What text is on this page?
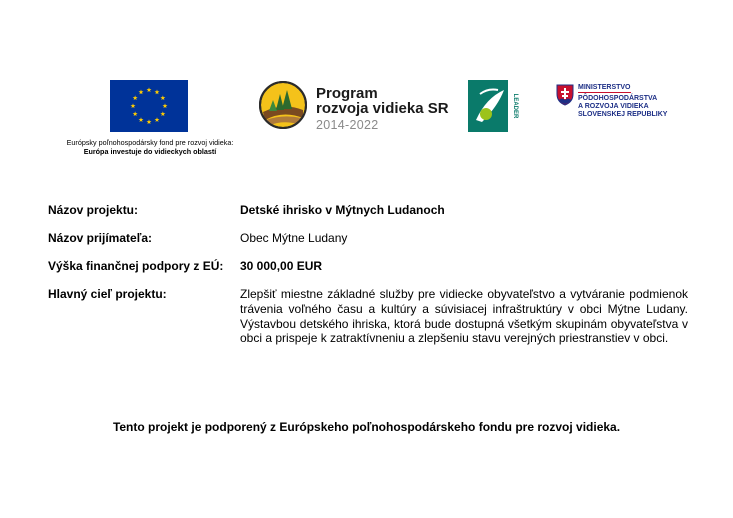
Európsky poľnohospodársky fond pre rozvoj vidieka:
Európa investuje do vidieckych oblastí
Program
rozvoja vidieka SR
2014-2022
LEADER
MINISTERSTVO
PÔDOHOSPODÁRSTVA
A ROZVOJA VIDIEKA
SLOVENSKEJ REPUBLIKY
Názov projektu:	Detské ihrisko v Mýtnych Ludanoch
Názov prijímateľa:	Obec Mýtne Ludany
Výška finančnej podpory z EÚ:	30 000,00 EUR
Hlavný cieľ projektu:	Zlepšiť miestne základné služby pre vidiecke obyvateľstvo a vytváranie podmienok trávenia voľného času a kultúry a súvisiacej infraštruktúry v obci Mýtne Ludany. Výstavbou detského ihriska, ktorá bude dostupná všetkým skupinám obyvateľstva v obci a prispeje k zatraktívneniu a zlepšeniu stavu verejných priestranstiev v obci.
Tento projekt je podporený z Európskeho poľnohospodárskeho fondu pre rozvoj vidieka.
